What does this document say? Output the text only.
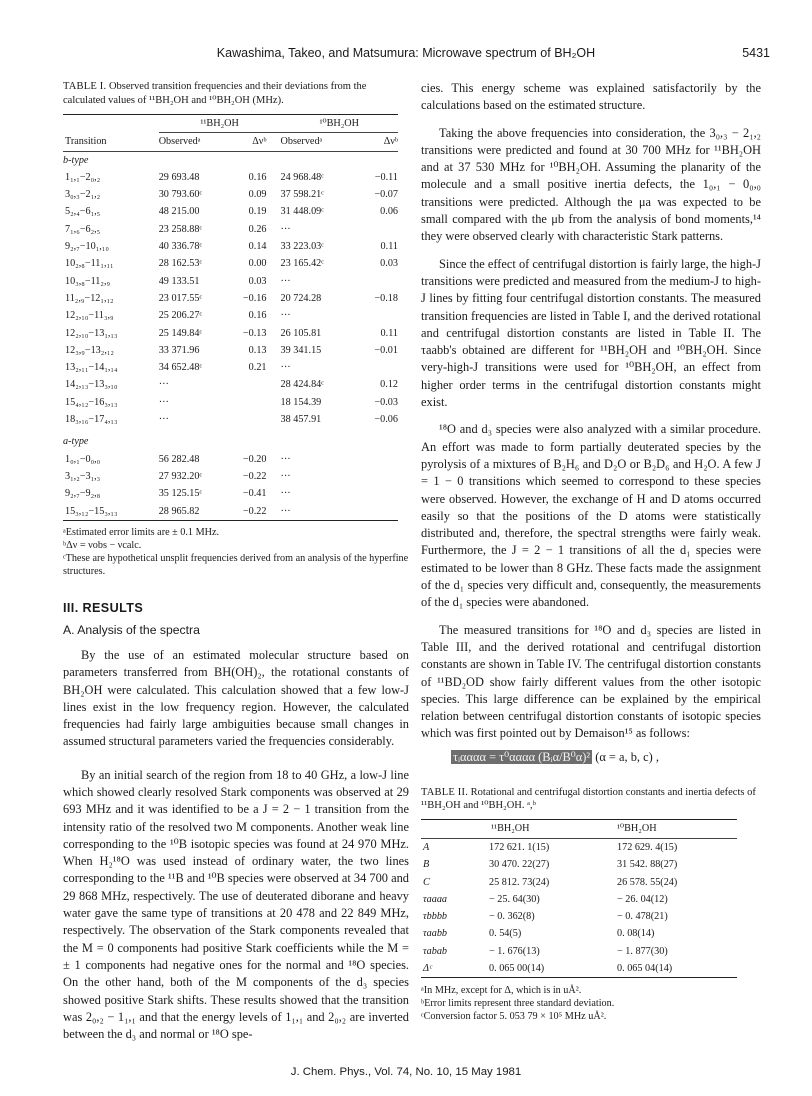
Kawashima, Takeo, and Matsumura: Microwave spectrum of BH₂OH	5431
TABLE I. Observed transition frequencies and their deviations from the calculated values of ¹¹BH₂OH and ¹⁰BH₂OH (MHz).
	¹¹BH₂OH		¹⁰BH₂OH	
Transition	Observedᵃ	Δνᵇ	Observedᵃ	Δνᵇ
b-type				
1₁,₁−2₀,₂	29 693.48	0.16	24 968.48ᶜ	−0.11
3₀,₃−2₁,₂	30 793.60ᶜ	0.09	37 598.21ᶜ	−0.07
5₂,₄−6₁,₅	48 215.00	0.19	31 448.09ᶜ	0.06
7₁,₆−6₂,₅	23 258.88ᶜ	0.26	···	
9₂,₇−10₁,₁₀	40 336.78ᶜ	0.14	33 223.03ᶜ	0.11
10₂,₈−11₁,₁₁	28 162.53ᶜ	0.00	23 165.42ᶜ	0.03
10₃,₈−11₂,₉	49 133.51	0.03	···	
11₂,₉−12₁,₁₂	23 017.55ᶜ	−0.16	20 724.28	−0.18
12₂,₁₀−11₃,₉	25 206.27ᶜ	0.16	···	
12₂,₁₀−13₁,₁₃	25 149.84ᶜ	−0.13	26 105.81	0.11
12₃,₉−13₂,₁₂	33 371.96	0.13	39 341.15	−0.01
13₂,₁₁−14₁,₁₄	34 652.48ᶜ	0.21	···	
14₂,₁₃−13₃,₁₀	···		28 424.84ᶜ	0.12
15₄,₁₂−16₃,₁₃	···		18 154.39	−0.03
18₃,₁₆−17₄,₁₃	···		38 457.91	−0.06

a-type				
1₀,₁−0₀,₀	56 282.48	−0.20	···	
3₁,₂−3₁,₃	27 932.20ᶜ	−0.22	···	
9₂,₇−9₂,₈	35 125.15ᶜ	−0.41	···	
15₃,₁₂−15₃,₁₃	28 965.82	−0.22	···	

ᵃEstimated error limits are ± 0.1 MHz.
ᵇΔν = νobs − νcalc.
ᶜThese are hypothetical unsplit frequencies derived from an analysis of the hyperfine structures.
III. RESULTS
A. Analysis of the spectra

By the use of an estimated molecular structure based on parameters transferred from BH(OH)₂, the rotational constants of BH₂OH were calculated. This calculation showed that a few low-J lines exist in the low frequency region. However, the calculated frequencies had fairly large ambiguities because small changes in assumed structural parameters varied the frequencies considerably.

By an initial search of the region from 18 to 40 GHz, a low-J line which showed clearly resolved Stark components was observed at 29 693 MHz and it was identified to be a J = 2 − 1 transition from the intensity ratio of the resolved two M components. Another weak line corresponding to the ¹⁰B isotopic species was found at 24 970 MHz. When H₂¹⁸O was used instead of ordinary water, the two lines corresponding to the ¹¹B and ¹⁰B species were observed at 34 700 and 29 868 MHz, respectively. The use of deuterated diborane and heavy water gave the same type of transitions at 20 478 and 22 849 MHz, respectively. The observation of the Stark components revealed that the M = 0 components had positive Stark coefficients while the M = ± 1 components had negative ones for the normal and ¹⁸O species. On the other hand, both of the M components of the d₃ species showed positive Stark shifts. These results showed that the transition was 2₀,₂ − 1₁,₁ and that the energy levels of 1₁,₁ and 2₀,₂ are inverted between the d₃ and normal or ¹⁸O spe-

cies. This energy scheme was explained satisfactorily by the calculations based on the estimated structure.

Taking the above frequencies into consideration, the 3₀,₃ − 2₁,₂ transitions were predicted and found at 30 700 MHz for ¹¹BH₂OH and at 37 530 MHz for ¹⁰BH₂OH. Assuming the planarity of the molecule and a small positive inertia defects, the 1₀,₁ − 0₀,₀ transitions were predicted. Although the μa was expected to be small compared with the μb from the analysis of bond moments,¹⁴ they were observed clearly with characteristic Stark patterns.

Since the effect of centrifugal distortion is fairly large, the high-J transitions were predicted and measured from the medium-J to high-J lines by fitting four centrifugal distortion constants. The measured transition frequencies are listed in Table I, and the derived rotational and centrifugal distortion constants are listed in Table II. The τaabb's obtained are different for ¹¹BH₂OH and ¹⁰BH₂OH. Since very-high-J transitions were used for ¹⁰BH₂OH, an effect from higher order terms in the centrifugal distortion constants might exist.

¹⁸O and d₃ species were also analyzed with a similar procedure. An effort was made to form partially deuterated species by the pyrolysis of a mixtures of B₂H₆ and D₂O or B₂D₆ and H₂O. A few J = 1 − 0 transitions which seemed to correspond to these species were observed. However, the exchange of H and D atoms occurred easily so that the positions of the D atoms were statistically distributed and, therefore, the spectral strengths were fairly weak. Furthermore, the J = 2 − 1 transitions of all the d₁ species were estimated to be lower than 8 GHz. These facts made the assignment of the d₁ species very difficult and, consequently, the measurements of the d₁ species were abandoned.

The measured transitions for ¹⁸O and d₃ species are listed in Table III, and the derived rotational and centrifugal distortion constants are shown in Table IV. The centrifugal distortion constants of ¹¹BD₂OD show fairly different values from the other isotopic species. This large difference can be explained by the empirical relation between centrifugal distortion constants of isotopic species which was first pointed out by Demaison¹⁵ as follows:

τᵢαααα = τ⁰αααα (Bᵢα/B⁰α)² (α = a, b, c) ,
TABLE II. Rotational and centrifugal distortion constants and inertia defects of ¹¹BH₂OH and ¹⁰BH₂OH. ᵃ,ᵇ
	¹¹BH₂OH	¹⁰BH₂OH
A	172 621. 1(15)	172 629. 4(15)
B	30 470. 22(27)	31 542. 88(27)
C	25 812. 73(24)	26 578. 55(24)
τaaaa	− 25. 64(30)	− 26. 04(12)
τbbbb	− 0. 362(8)	− 0. 478(21)
τaabb	0. 54(5)	0. 08(14)
τabab	− 1. 676(13)	− 1. 877(30)
Δᶜ	0. 065 00(14)	0. 065 04(14)

ᵃIn MHz, except for Δ, which is in uÅ².
ᵇError limits represent three standard deviation.
ᶜConversion factor 5. 053 79 × 10⁵ MHz uÅ².
J. Chem. Phys., Vol. 74, No. 10, 15 May 1981
